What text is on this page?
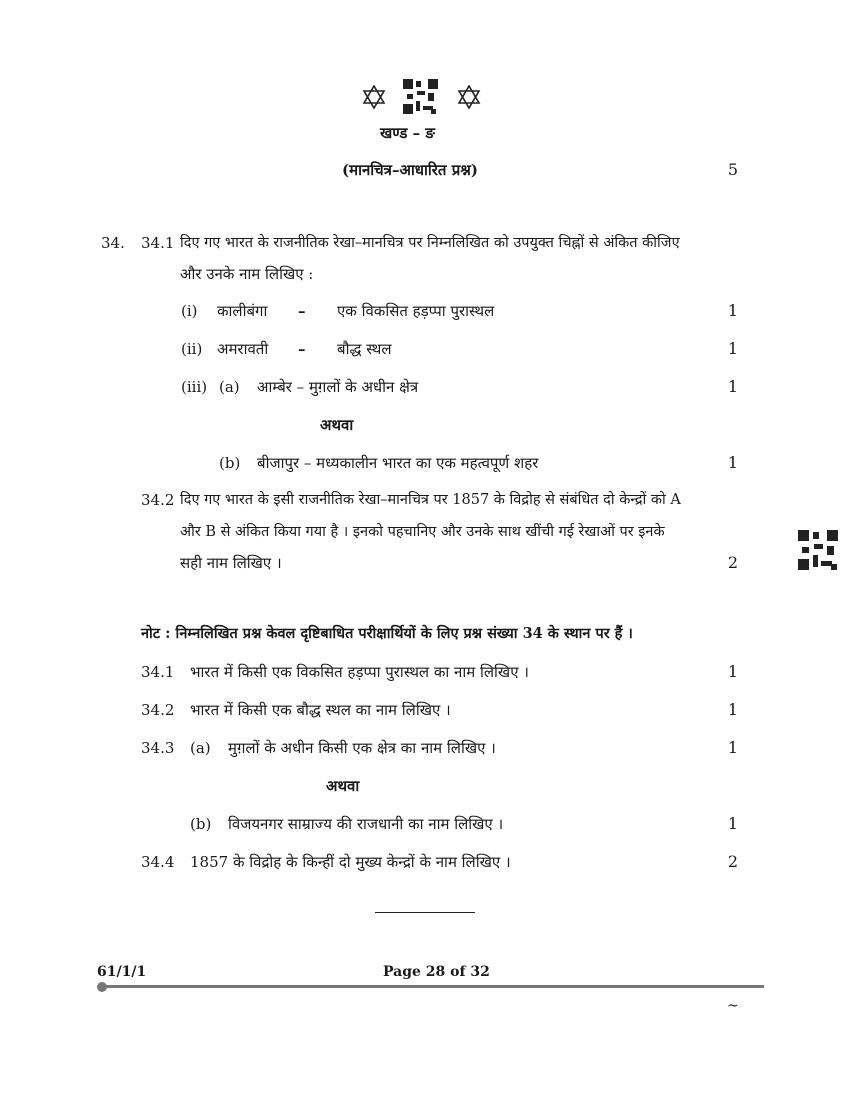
खण्ड – ङ
(मानचित्र–आधारित प्रश्न)	5
34. 34.1 दिए गए भारत के राजनीतिक रेखा–मानचित्र पर निम्नलिखित को उपयुक्त चिह्नों से अंकित कीजिए
और उनके नाम लिखिए :
(i) कालीबंगा – एक विकसित हड़प्पा पुरास्थल	1
(ii) अमरावती – बौद्ध स्थल	1
(iii) (a) आम्बेर – मुग़लों के अधीन क्षेत्र	1
अथवा
(b) बीजापुर – मध्यकालीन भारत का एक महत्वपूर्ण शहर	1
34.2 दिए गए भारत के इसी राजनीतिक रेखा–मानचित्र पर 1857 के विद्रोह से संबंधित दो केन्द्रों को A
और B से अंकित किया गया है । इनको पहचानिए और उनके साथ खींची गई रेखाओं पर इनके
सही नाम लिखिए ।	2
नोट : निम्नलिखित प्रश्न केवल दृष्टिबाधित परीक्षार्थियों के लिए प्रश्न संख्या 34 के स्थान पर हैं ।
34.1 भारत में किसी एक विकसित हड़प्पा पुरास्थल का नाम लिखिए ।	1
34.2 भारत में किसी एक बौद्ध स्थल का नाम लिखिए ।	1
34.3 (a) मुग़लों के अधीन किसी एक क्षेत्र का नाम लिखिए ।	1
अथवा
(b) विजयनगर साम्राज्य की राजधानी का नाम लिखिए ।	1
34.4 1857 के विद्रोह के किन्हीं दो मुख्य केन्द्रों के नाम लिखिए ।	2
61/1/1	Page 28 of 32
~
